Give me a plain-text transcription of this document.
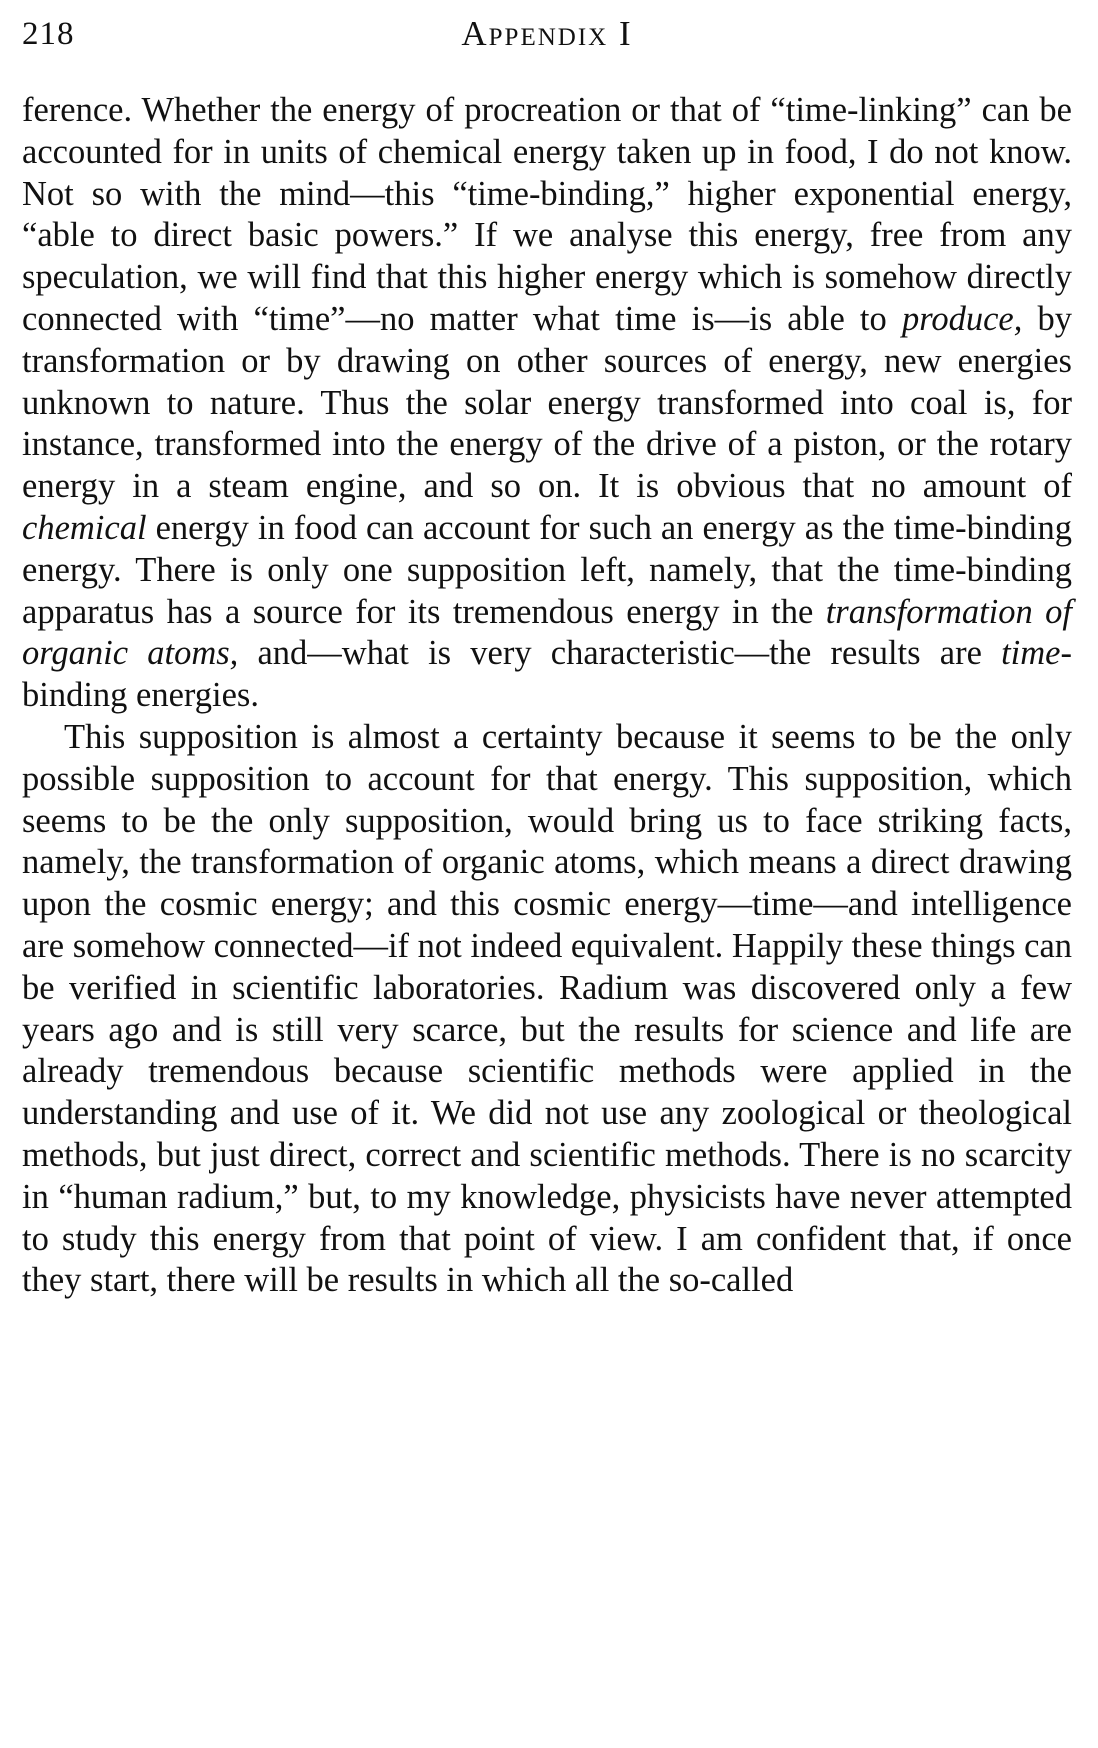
218	Appendix I

ference. Whether the energy of procreation or that of “time-linking” can be accounted for in units of chemical energy taken up in food, I do not know. Not so with the mind—this “time-binding,” higher exponential energy, “able to direct basic powers.” If we analyse this energy, free from any speculation, we will find that this higher energy which is somehow directly connected with “time”—no matter what time is—is able to produce, by transformation or by drawing on other sources of energy, new energies unknown to nature. Thus the solar energy transformed into coal is, for instance, transformed into the energy of the drive of a piston, or the rotary energy in a steam engine, and so on. It is obvious that no amount of chemical energy in food can account for such an energy as the time-binding energy. There is only one supposition left, namely, that the time-binding apparatus has a source for its tremendous energy in the transformation of organic atoms, and—what is very characteristic—the results are time-binding energies.

This supposition is almost a certainty because it seems to be the only possible supposition to account for that energy. This supposition, which seems to be the only supposition, would bring us to face striking facts, namely, the transformation of organic atoms, which means a direct drawing upon the cosmic energy; and this cosmic energy—time—and intelligence are somehow connected—if not indeed equivalent. Happily these things can be verified in scientific laboratories. Radium was discovered only a few years ago and is still very scarce, but the results for science and life are already tremendous because scientific methods were applied in the understanding and use of it. We did not use any zoological or theological methods, but just direct, correct and scientific methods. There is no scarcity in “human radium,” but, to my knowledge, physicists have never attempted to study this energy from that point of view. I am confident that, if once they start, there will be results in which all the so-called
